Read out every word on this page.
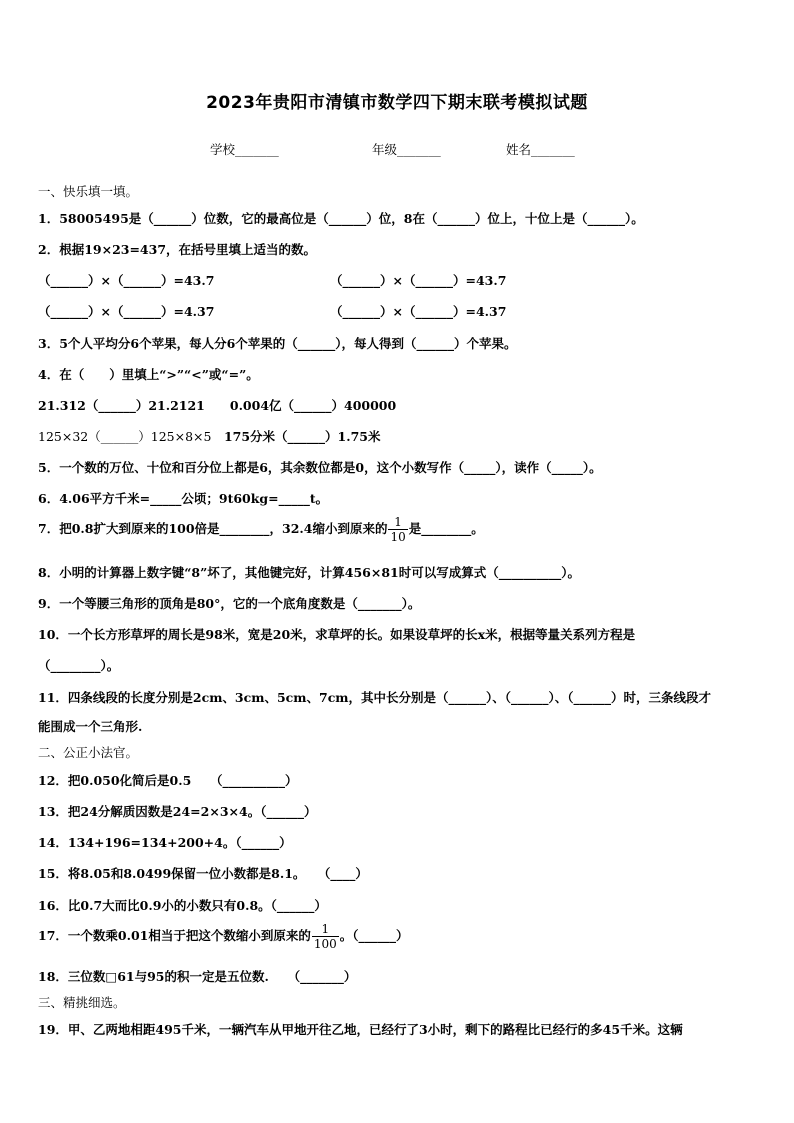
2023年贵阳市清镇市数学四下期末联考模拟试题
学校_______	年级_______	姓名_______
一、快乐填一填。
1．58005495是（______）位数，它的最高位是（______）位，8在（______）位上，十位上是（______）。
2．根据19×23=437，在括号里填上适当的数。
（______）×（______）=43.7	（______）×（______）=43.7
（______）×（______）=4.37	（______）×（______）=4.37
3．5个人平均分6个苹果，每人分6个苹果的（______），每人得到（______）个苹果。
4．在（　　）里填上“>”“<”或“=”。
21.312（______）21.2121　　0.004亿（______）400000
125×32（______）125×8×5　175分米（______）1.75米
5．一个数的万位、十位和百分位上都是6，其余数位都是0，这个小数写作（_____），读作（_____）。
6．4.06平方千米=_____公顷；9t60kg=_____t。
7．把0.8扩大到原来的100倍是________，32.4缩小到原来的 $\frac{1}{10}$ 是________。
8．小明的计算器上数字键“8”坏了，其他键完好，计算456×81时可以写成算式（__________）。
9．一个等腰三角形的顶角是80°，它的一个底角度数是（_______）。
10．一个长方形草坪的周长是98米，宽是20米，求草坪的长。如果设草坪的长x米，根据等量关系列方程是
（________）。
11．四条线段的长度分别是2cm、3cm、5cm、7cm，其中长分别是（______）、（______）、（______）时，三条线段才
能围成一个三角形.
二、公正小法官。
12．把0.050化简后是0.5　　（__________）
13．把24分解质因数是24=2×3×4。（______）
14．134+196=134+200+4。（______）
15．将8.05和8.0499保留一位小数都是8.1。　　（____）
16．比0.7大而比0.9小的小数只有0.8。（______）
17．一个数乘0.01相当于把这个数缩小到原来的 $\frac{1}{100}$ 。（______）
18．三位数□61与95的积一定是五位数.　　（_______）
三、精挑细选。
19．甲、乙两地相距495千米，一辆汽车从甲地开往乙地，已经行了3小时，剩下的路程比已经行的多45千米。这辆
